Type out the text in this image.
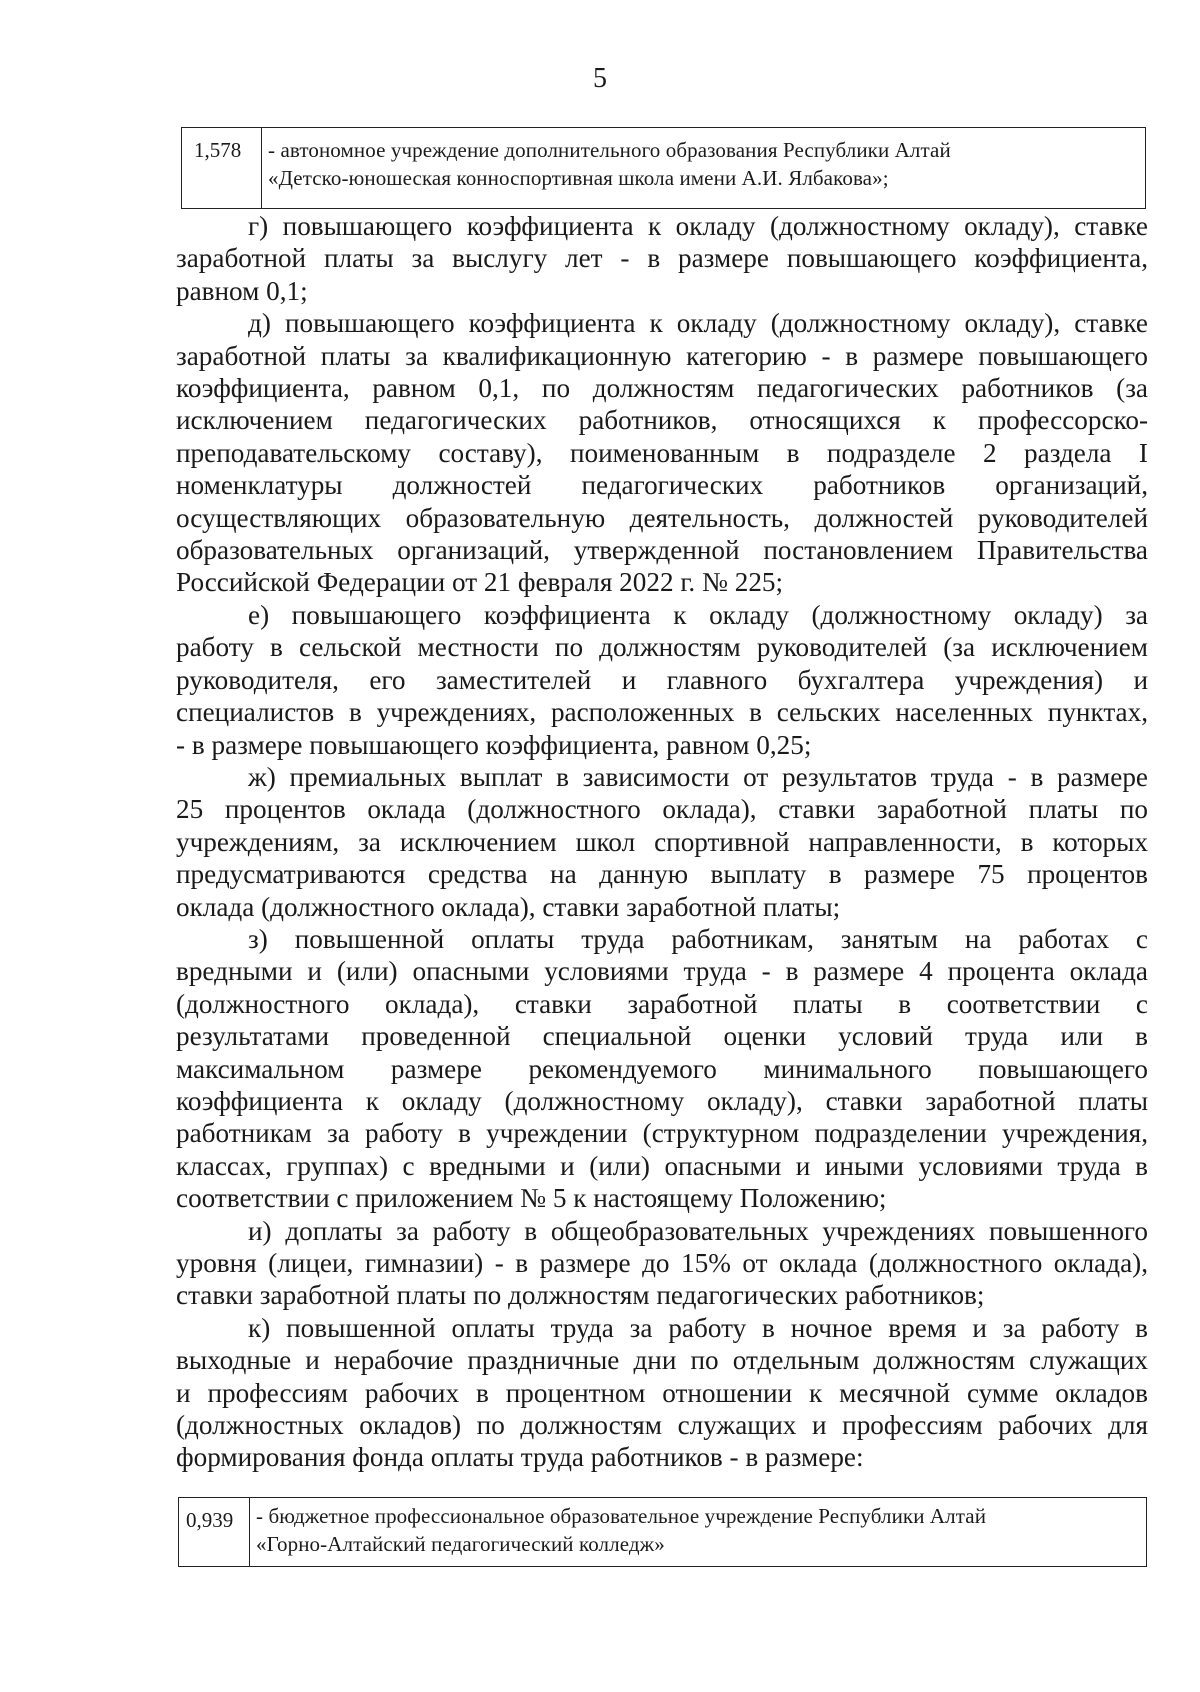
5
1,578	- автономное учреждение дополнительного образования Республики Алтай
«Детско-юношеская конноспортивная школа имени А.И. Ялбакова»;

г) повышающего коэффициента к окладу (должностному окладу), ставке
заработной платы за выслугу лет - в размере повышающего коэффициента,
равном 0,1;

д) повышающего коэффициента к окладу (должностному окладу), ставке
заработной платы за квалификационную категорию - в размере повышающего
коэффициента, равном 0,1, по должностям педагогических работников (за
исключением педагогических работников, относящихся к профессорско-
преподавательскому составу), поименованным в подразделе 2 раздела I
номенклатуры должностей педагогических работников организаций,
осуществляющих образовательную деятельность, должностей руководителей
образовательных организаций, утвержденной постановлением Правительства
Российской Федерации от 21 февраля 2022 г. № 225;

е) повышающего коэффициента к окладу (должностному окладу) за
работу в сельской местности по должностям руководителей (за исключением
руководителя, его заместителей и главного бухгалтера учреждения) и
специалистов в учреждениях, расположенных в сельских населенных пунктах,
- в размере повышающего коэффициента, равном 0,25;

ж) премиальных выплат в зависимости от результатов труда - в размере
25 процентов оклада (должностного оклада), ставки заработной платы по
учреждениям, за исключением школ спортивной направленности, в которых
предусматриваются средства на данную выплату в размере 75 процентов
оклада (должностного оклада), ставки заработной платы;

з) повышенной оплаты труда работникам, занятым на работах с
вредными и (или) опасными условиями труда - в размере 4 процента оклада
(должностного оклада), ставки заработной платы в соответствии с
результатами проведенной специальной оценки условий труда или в
максимальном размере рекомендуемого минимального повышающего
коэффициента к окладу (должностному окладу), ставки заработной платы
работникам за работу в учреждении (структурном подразделении учреждения,
классах, группах) с вредными и (или) опасными и иными условиями труда в
соответствии с приложением № 5 к настоящему Положению;

и) доплаты за работу в общеобразовательных учреждениях повышенного
уровня (лицеи, гимназии) - в размере до 15% от оклада (должностного оклада),
ставки заработной платы по должностям педагогических работников;

к) повышенной оплаты труда за работу в ночное время и за работу в
выходные и нерабочие праздничные дни по отдельным должностям служащих
и профессиям рабочих в процентном отношении к месячной сумме окладов
(должностных окладов) по должностям служащих и профессиям рабочих для
формирования фонда оплаты труда работников - в размере:

0,939	- бюджетное профессиональное образовательное учреждение Республики Алтай
«Горно-Алтайский педагогический колледж»
